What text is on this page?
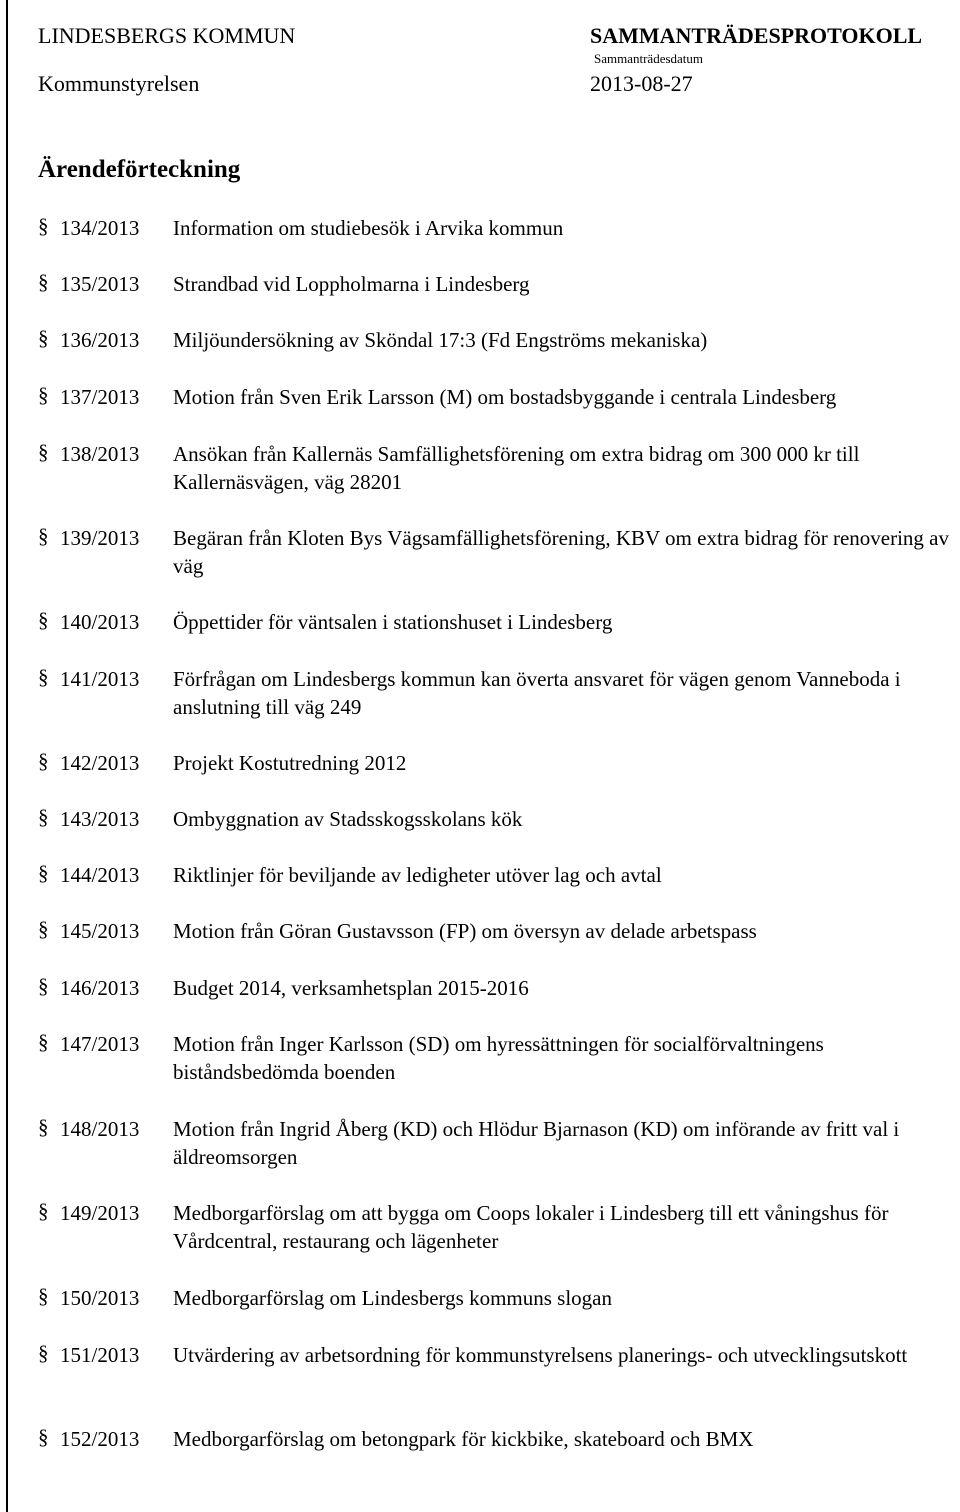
LINDESBERGS KOMMUN	SAMMANTRÄDESPROTOKOLL
Sammanträdesdatum
Kommunstyrelsen	2013-08-27
Ärendeförteckning
§ 134/2013 Information om studiebesök i Arvika kommun
§ 135/2013 Strandbad vid Loppholmarna i Lindesberg
§ 136/2013 Miljöundersökning av Sköndal 17:3 (Fd Engströms mekaniska)
§ 137/2013 Motion från Sven Erik Larsson (M) om bostadsbyggande i centrala Lindesberg
§ 138/2013 Ansökan från Kallernäs Samfällighetsförening om extra bidrag om 300 000 kr till Kallernäsvägen, väg 28201
§ 139/2013 Begäran från Kloten Bys Vägsamfällighetsförening, KBV om extra bidrag för renovering av väg
§ 140/2013 Öppettider för väntsalen i stationshuset i Lindesberg
§ 141/2013 Förfrågan om Lindesbergs kommun kan överta ansvaret för vägen genom Vanneboda i anslutning till väg 249
§ 142/2013 Projekt Kostutredning 2012
§ 143/2013 Ombyggnation av Stadsskogsskolans kök
§ 144/2013 Riktlinjer för beviljande av ledigheter utöver lag och avtal
§ 145/2013 Motion från Göran Gustavsson (FP) om översyn av delade arbetspass
§ 146/2013 Budget 2014, verksamhetsplan 2015-2016
§ 147/2013 Motion från Inger Karlsson (SD) om hyressättningen för socialförvaltningens biståndsbedömda boenden
§ 148/2013 Motion från Ingrid Åberg (KD) och Hlödur Bjarnason (KD) om införande av fritt val i äldreomsorgen
§ 149/2013 Medborgarförslag om att bygga om Coops lokaler i Lindesberg till ett våningshus för Vårdcentral, restaurang och lägenheter
§ 150/2013 Medborgarförslag om Lindesbergs kommuns slogan
§ 151/2013 Utvärdering av arbetsordning för kommunstyrelsens planerings- och utvecklingsutskott
§ 152/2013 Medborgarförslag om betongpark för kickbike, skateboard och BMX
